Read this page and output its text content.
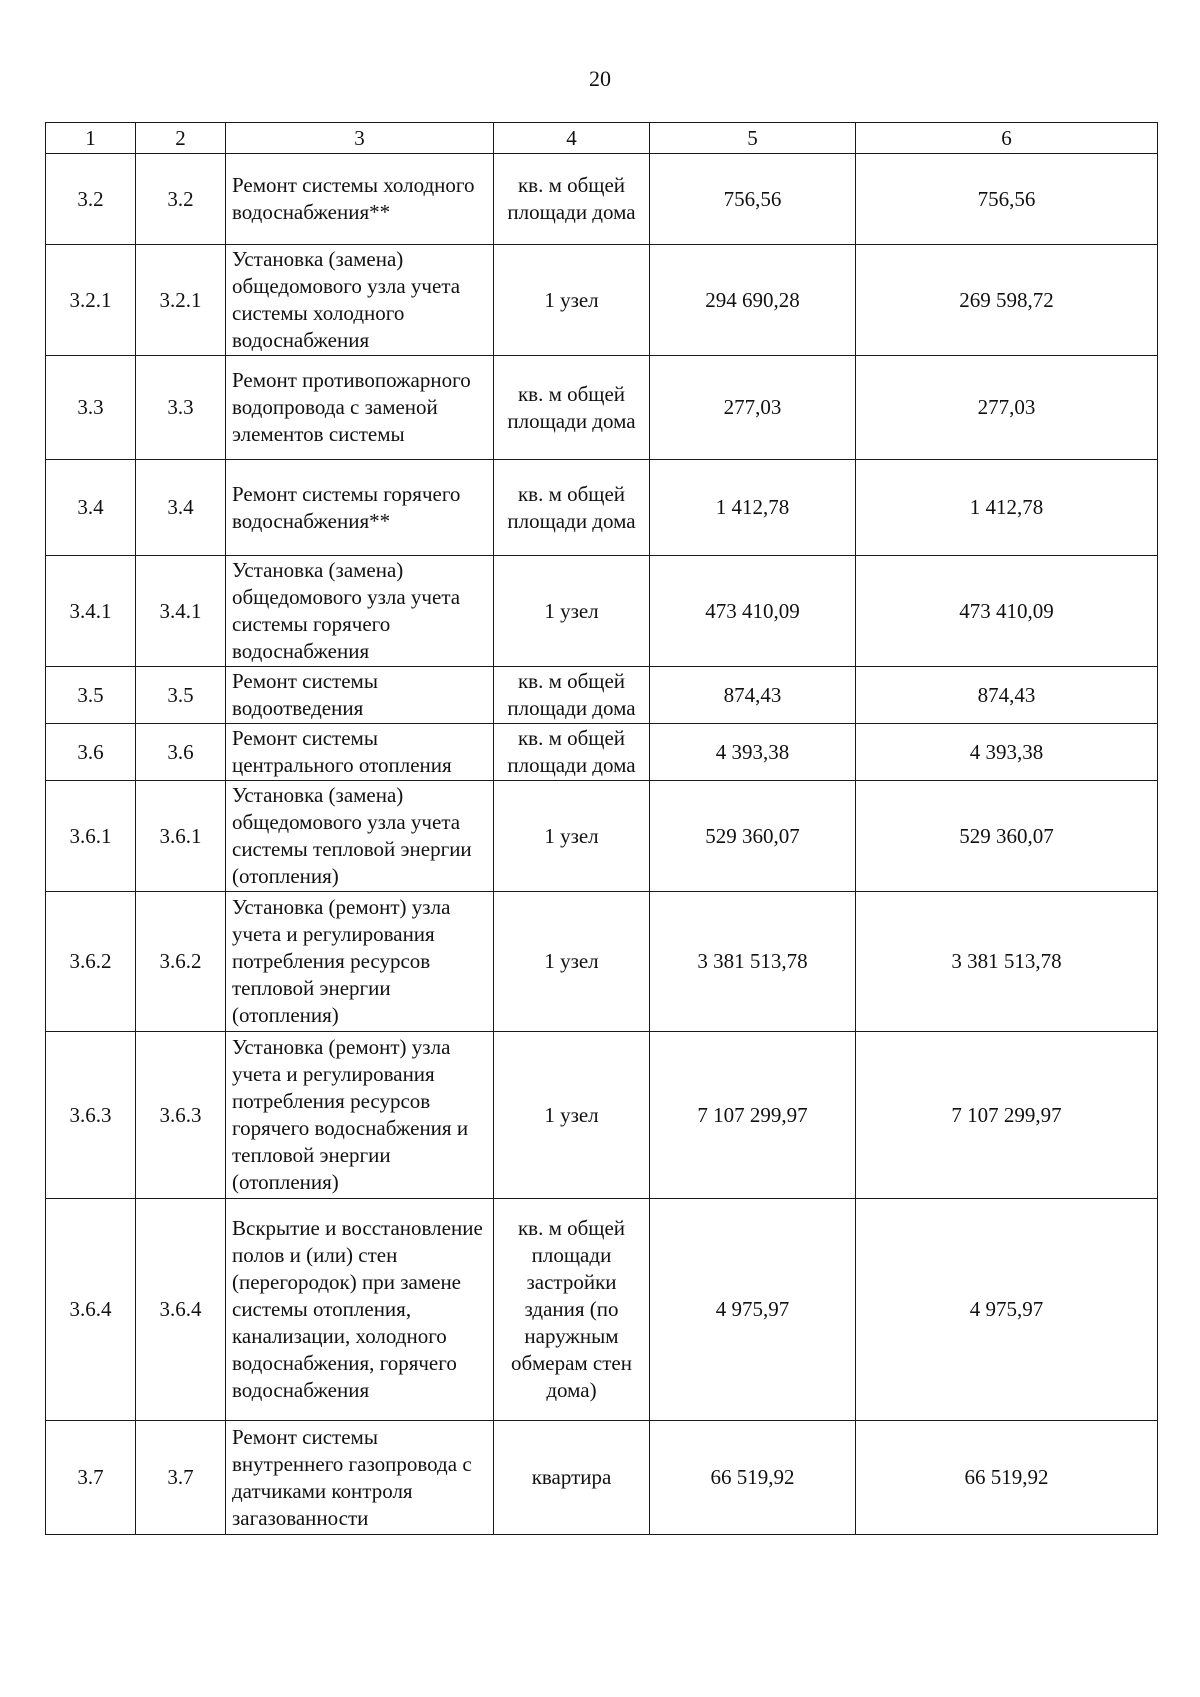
20
1	2	3	4	5	6
3.2	3.2	Ремонт системы холодного водоснабжения**	кв. м общей площади дома	756,56	756,56
3.2.1	3.2.1	Установка (замена) общедомового узла учета системы холодного водоснабжения	1 узел	294 690,28	269 598,72
3.3	3.3	Ремонт противопожарного водопровода с заменой элементов системы	кв. м общей площади дома	277,03	277,03
3.4	3.4	Ремонт системы горячего водоснабжения**	кв. м общей площади дома	1 412,78	1 412,78
3.4.1	3.4.1	Установка (замена) общедомового узла учета системы горячего водоснабжения	1 узел	473 410,09	473 410,09
3.5	3.5	Ремонт системы водоотведения	кв. м общей площади дома	874,43	874,43
3.6	3.6	Ремонт системы центрального отопления	кв. м общей площади дома	4 393,38	4 393,38
3.6.1	3.6.1	Установка (замена) общедомового узла учета системы тепловой энергии (отопления)	1 узел	529 360,07	529 360,07
3.6.2	3.6.2	Установка (ремонт) узла учета и регулирования потребления ресурсов тепловой энергии (отопления)	1 узел	3 381 513,78	3 381 513,78
3.6.3	3.6.3	Установка (ремонт) узла учета и регулирования потребления ресурсов горячего водоснабжения и тепловой энергии (отопления)	1 узел	7 107 299,97	7 107 299,97
3.6.4	3.6.4	Вскрытие и восстановление полов и (или) стен (перегородок) при замене системы отопления, канализации, холодного водоснабжения, горячего водоснабжения	кв. м общей площади застройки здания (по наружным обмерам стен дома)	4 975,97	4 975,97
3.7	3.7	Ремонт системы внутреннего газопровода с датчиками контроля загазованности	квартира	66 519,92	66 519,92
